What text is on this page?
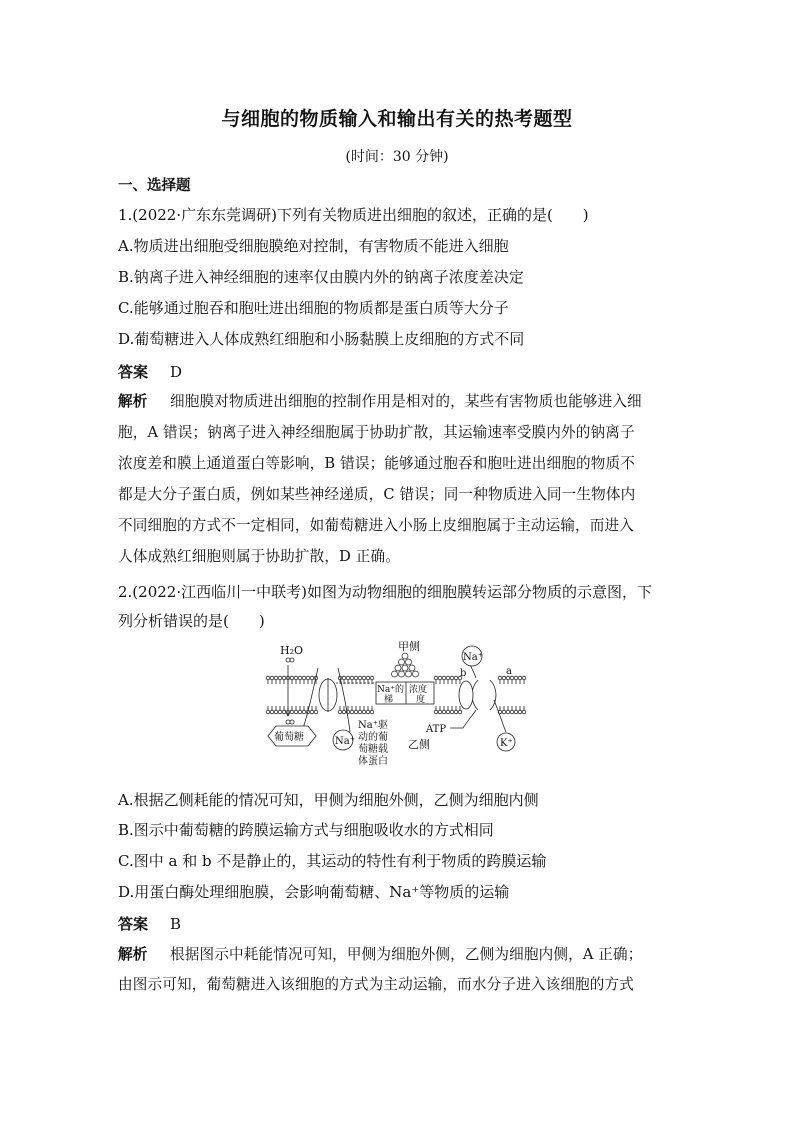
与细胞的物质输入和输出有关的热考题型
(时间：30 分钟)
一、选择题
1.(2022·广东东莞调研)下列有关物质进出细胞的叙述，正确的是(　　)
A.物质进出细胞受细胞膜绝对控制，有害物质不能进入细胞
B.钠离子进入神经细胞的速率仅由膜内外的钠离子浓度差决定
C.能够通过胞吞和胞吐进出细胞的物质都是蛋白质等大分子
D.葡萄糖进入人体成熟红细胞和小肠黏膜上皮细胞的方式不同
答案 D
解析 细胞膜对物质进出细胞的控制作用是相对的，某些有害物质也能够进入细
胞，A 错误；钠离子进入神经细胞属于协助扩散，其运输速率受膜内外的钠离子
浓度差和膜上通道蛋白等影响，B 错误；能够通过胞吞和胞吐进出细胞的物质不
都是大分子蛋白质，例如某些神经递质，C 错误；同一种物质进入同一生物体内
不同细胞的方式不一定相同，如葡萄糖进入小肠上皮细胞属于主动运输，而进入
人体成熟红细胞则属于协助扩散，D 正确。
2.(2022·江西临川一中联考)如图为动物细胞的细胞膜转运部分物质的示意图，下
列分析错误的是(　　)
H₂O	甲侧
Na⁺
b	a
Na⁺的
梯
浓度
度
葡萄糖	Na⁺
Na⁺驱
动的葡
萄糖载
体蛋白
乙侧
ATP
K⁺
A.根据乙侧耗能的情况可知，甲侧为细胞外侧，乙侧为细胞内侧
B.图示中葡萄糖的跨膜运输方式与细胞吸收水的方式相同
C.图中 a 和 b 不是静止的，其运动的特性有利于物质的跨膜运输
D.用蛋白酶处理细胞膜，会影响葡萄糖、Na⁺等物质的运输
答案 B
解析 根据图示中耗能情况可知，甲侧为细胞外侧，乙侧为细胞内侧，A 正确；
由图示可知，葡萄糖进入该细胞的方式为主动运输，而水分子进入该细胞的方式
